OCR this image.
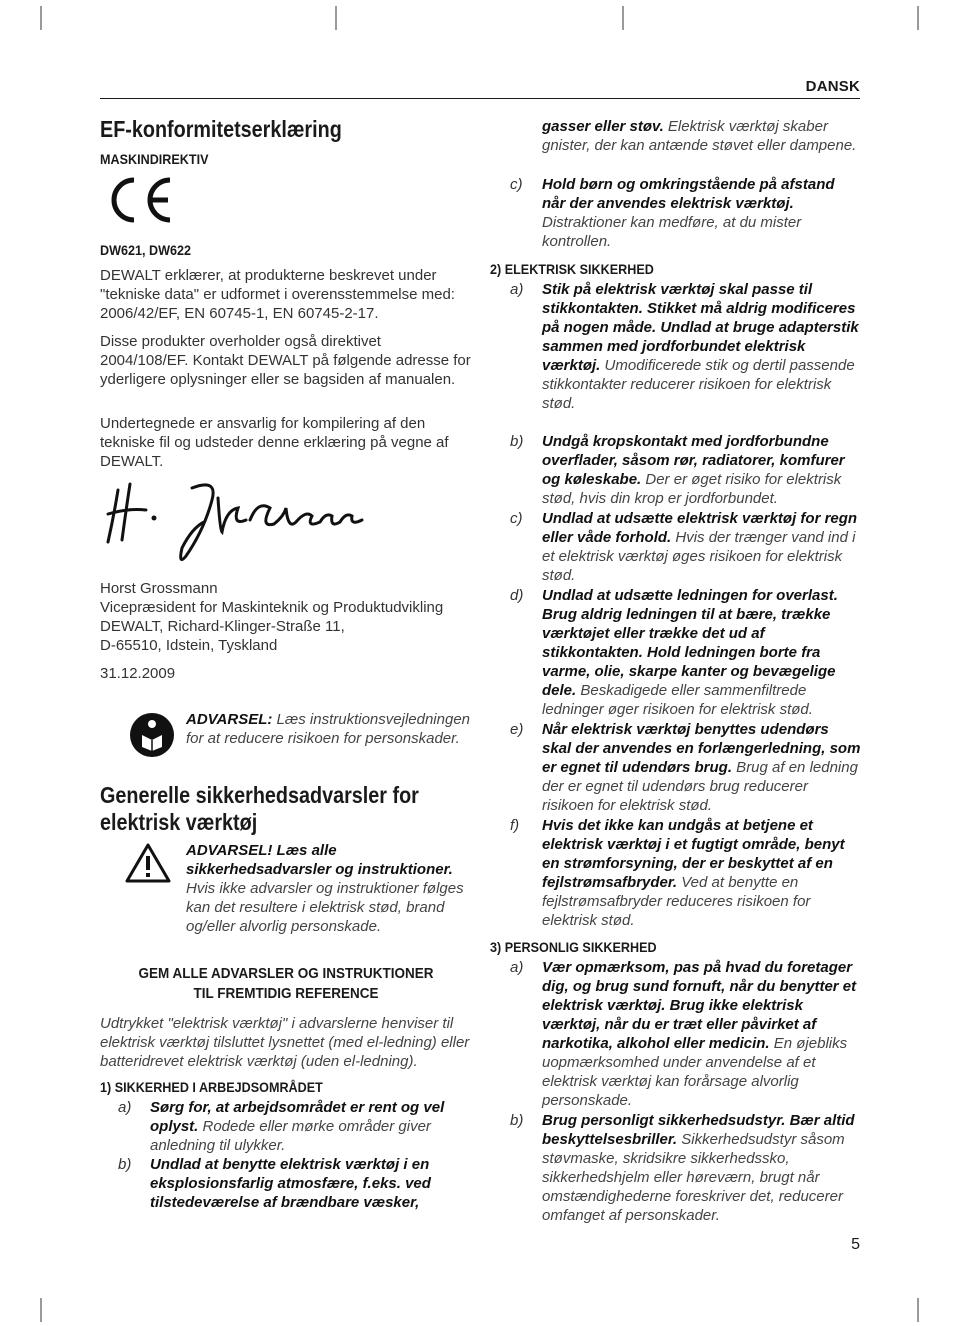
DANSK
EF-konformitetserklæring
MASKINDIREKTIV
DW621, DW622
DEWALT erklærer, at produkterne beskrevet under "tekniske data" er udformet i overensstemmelse med: 2006/42/EF, EN 60745-1, EN 60745-2-17.
Disse produkter overholder også direktivet 2004/108/EF. Kontakt DEWALT på følgende adresse for yderligere oplysninger eller se bagsiden af manualen.
Undertegnede er ansvarlig for kompilering af den tekniske fil og udsteder denne erklæring på vegne af DEWALT.
Horst Grossmann
Vicepræsident for Maskinteknik og Produktudvikling
DEWALT, Richard-Klinger-Straße 11,
D-65510, Idstein, Tyskland
31.12.2009
ADVARSEL: Læs instruktionsvejledningen for at reducere risikoen for personskader.
Generelle sikkerhedsadvarsler for elektrisk værktøj
ADVARSEL! Læs alle sikkerhedsadvarsler og instruktioner. Hvis ikke advarsler og instruktioner følges kan det resultere i elektrisk stød, brand og/eller alvorlig personskade.
GEM ALLE ADVARSLER OG INSTRUKTIONER
TIL FREMTIDIG REFERENCE
Udtrykket "elektrisk værktøj" i advarslerne henviser til elektrisk værktøj tilsluttet lysnettet (med el-ledning) eller batteridrevet elektrisk værktøj (uden el-ledning).
1) SIKKERHED I ARBEJDSOMRÅDET
a) Sørg for, at arbejdsområdet er rent og vel oplyst. Rodede eller mørke områder giver anledning til ulykker.
b) Undlad at benytte elektrisk værktøj i en eksplosionsfarlig atmosfære, f.eks. ved tilstedeværelse af brændbare væsker,
gasser eller støv. Elektrisk værktøj skaber gnister, der kan antænde støvet eller dampene.
c) Hold børn og omkringstående på afstand når der anvendes elektrisk værktøj. Distraktioner kan medføre, at du mister kontrollen.
2) ELEKTRISK SIKKERHED
a) Stik på elektrisk værktøj skal passe til stikkontakten. Stikket må aldrig modificeres på nogen måde. Undlad at bruge adapterstik sammen med jordforbundet elektrisk værktøj. Umodificerede stik og dertil passende stikkontakter reducerer risikoen for elektrisk stød.
b) Undgå kropskontakt med jordforbundne overflader, såsom rør, radiatorer, komfurer og køleskabe. Der er øget risiko for elektrisk stød, hvis din krop er jordforbundet.
c) Undlad at udsætte elektrisk værktøj for regn eller våde forhold. Hvis der trænger vand ind i et elektrisk værktøj øges risikoen for elektrisk stød.
d) Undlad at udsætte ledningen for overlast. Brug aldrig ledningen til at bære, trække værktøjet eller trække det ud af stikkontakten. Hold ledningen borte fra varme, olie, skarpe kanter og bevægelige dele. Beskadigede eller sammenfiltrede ledninger øger risikoen for elektrisk stød.
e) Når elektrisk værktøj benyttes udendørs skal der anvendes en forlængerledning, som er egnet til udendørs brug. Brug af en ledning der er egnet til udendørs brug reducerer risikoen for elektrisk stød.
f) Hvis det ikke kan undgås at betjene et elektrisk værktøj i et fugtigt område, benyt en strømforsyning, der er beskyttet af en fejlstrømsafbryder. Ved at benytte en fejlstrømsafbryder reduceres risikoen for elektrisk stød.
3) PERSONLIG SIKKERHED
a) Vær opmærksom, pas på hvad du foretager dig, og brug sund fornuft, når du benytter et elektrisk værktøj. Brug ikke elektrisk værktøj, når du er træt eller påvirket af narkotika, alkohol eller medicin. En øjebliks uopmærksomhed under anvendelse af et elektrisk værktøj kan forårsage alvorlig personskade.
b) Brug personligt sikkerhedsudstyr. Bær altid beskyttelsesbriller. Sikkerhedsudstyr såsom støvmaske, skridsikre sikkerhedssko, sikkerhedshjelm eller høreværn, brugt når omstændighederne foreskriver det, reducerer omfanget af personskader.
5
